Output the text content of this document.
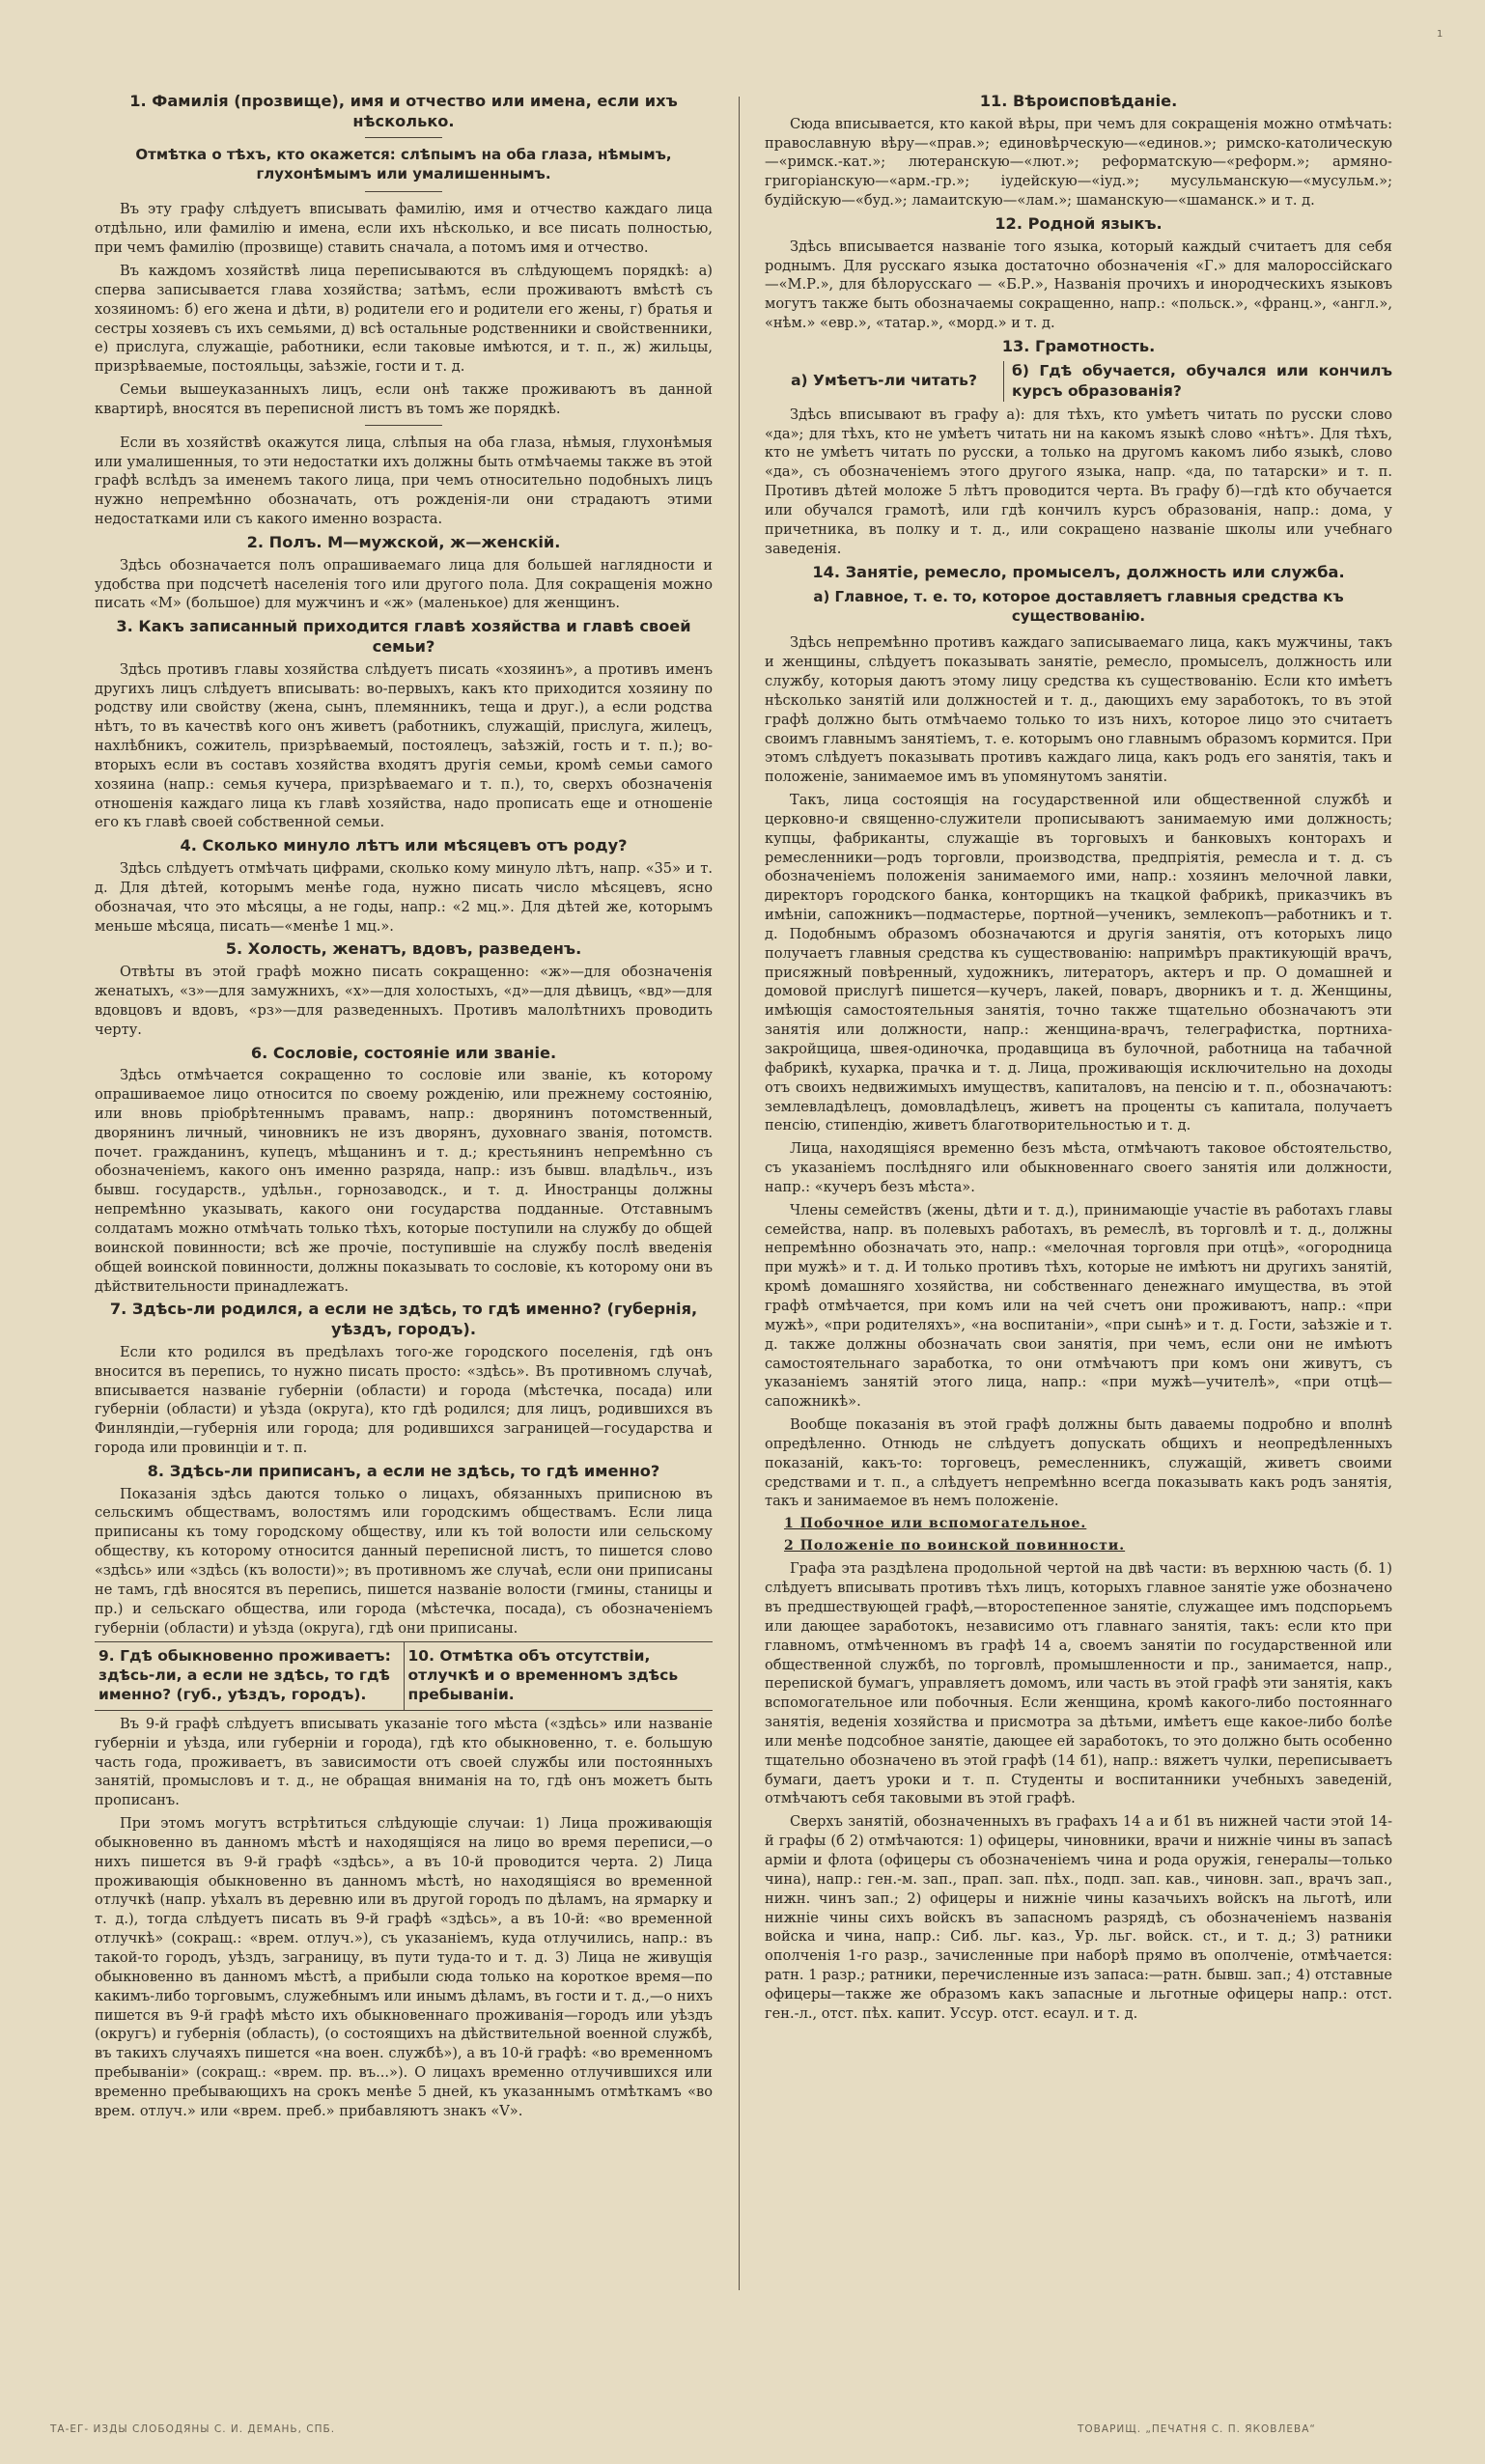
1
1. Фамилія (прозвище), имя и отчество или имена, если ихъ нѣсколько.
Отмѣтка о тѣхъ, кто окажется: слѣпымъ на оба глаза, нѣмымъ, глухонѣмымъ или умалишеннымъ.

Въ эту графу слѣдуетъ вписывать фамилію, имя и отчество каждаго лица отдѣльно, или фамилію и имена, если ихъ нѣсколько, и все писать полностью, при чемъ фамилію (прозвище) ставить сначала, а потомъ имя и отчество.

Въ каждомъ хозяйствѣ лица переписываются въ слѣдующемъ порядкѣ: а) сперва записывается глава хозяйства; затѣмъ, если проживаютъ вмѣстѣ съ хозяиномъ: б) его жена и дѣти, в) родители его и родители его жены, г) братья и сестры хозяевъ съ ихъ семьями, д) всѣ остальные родственники и свойственники, е) прислуга, служащіе, работники, если таковые имѣются, и т. п., ж) жильцы, призрѣваемые, постояльцы, заѣзжіе, гости и т. д.

Семьи вышеуказанныхъ лицъ, если онѣ также проживаютъ въ данной квартирѣ, вносятся въ переписной листъ въ томъ же порядкѣ.

Если въ хозяйствѣ окажутся лица, слѣпыя на оба глаза, нѣмыя, глухонѣмыя или умалишенныя, то эти недостатки ихъ должны быть отмѣчаемы также въ этой графѣ вслѣдъ за именемъ такого лица, при чемъ относительно подобныхъ лицъ нужно непремѣнно обозначать, отъ рожденія-ли они страдаютъ этими недостатками или съ какого именно возраста.

2. Полъ. М—мужской, ж—женскій.

Здѣсь обозначается полъ опрашиваемаго лица для большей наглядности и удобства при подсчетѣ населенія того или другого пола. Для сокращенія можно писать «М» (большое) для мужчинъ и «ж» (маленькое) для женщинъ.

3. Какъ записанный приходится главѣ хозяйства и главѣ своей семьи?

Здѣсь противъ главы хозяйства слѣдуетъ писать «хозяинъ», а противъ именъ другихъ лицъ слѣдуетъ вписывать: во-первыхъ, какъ кто приходится хозяину по родству или свойству (жена, сынъ, племянникъ, теща и друг.), а если родства нѣтъ, то въ качествѣ кого онъ живетъ (работникъ, служащій, прислуга, жилецъ, нахлѣбникъ, сожитель, призрѣваемый, постоялецъ, заѣзжій, гость и т. п.); во-вторыхъ если въ составъ хозяйства входятъ другія семьи, кромѣ семьи самого хозяина (напр.: семья кучера, призрѣваемаго и т. п.), то, сверхъ обозначенія отношенія каждаго лица къ главѣ хозяйства, надо прописать еще и отношеніе его къ главѣ своей собственной семьи.

4. Сколько минуло лѣтъ или мѣсяцевъ отъ роду?

Здѣсь слѣдуетъ отмѣчать цифрами, сколько кому минуло лѣтъ, напр. «35» и т. д. Для дѣтей, которымъ менѣе года, нужно писать число мѣсяцевъ, ясно обозначая, что это мѣсяцы, а не годы, напр.: «2 мц.». Для дѣтей же, которымъ меньше мѣсяца, писать—«менѣе 1 мц.».

5. Холость, женатъ, вдовъ, разведенъ.

Отвѣты въ этой графѣ можно писать сокращенно: «ж»—для обозначенія женатыхъ, «з»—для замужнихъ, «х»—для холостыхъ, «д»—для дѣвицъ, «вд»—для вдовцовъ и вдовъ, «рз»—для разведенныхъ. Противъ малолѣтнихъ проводить черту.

6. Сословіе, состояніе или званіе.

Здѣсь отмѣчается сокращенно то сословіе или званіе, къ которому опрашиваемое лицо относится по своему рожденію, или прежнему состоянію, или вновь пріобрѣтеннымъ правамъ, напр.: дворянинъ потомственный, дворянинъ личный, чиновникъ не изъ дворянъ, духовнаго званія, потомств. почет. гражданинъ, купецъ, мѣщанинъ и т. д.; крестьянинъ непремѣнно съ обозначеніемъ, какого онъ именно разряда, напр.: изъ бывш. владѣльч., изъ бывш. государств., удѣльн., горнозаводск., и т. д. Иностранцы должны непремѣнно указывать, какого они государства подданные. Отставнымъ солдатамъ можно отмѣчать только тѣхъ, которые поступили на службу до общей воинской повинности; всѣ же прочіе, поступившіе на службу послѣ введенія общей воинской повинности, должны показывать то сословіе, къ которому они въ дѣйствительности принадлежатъ.

7. Здѣсь-ли родился, а если не здѣсь, то гдѣ именно? (губернія, уѣздъ, городъ).

Если кто родился въ предѣлахъ того-же городского поселенія, гдѣ онъ вносится въ перепись, то нужно писать просто: «здѣсь». Въ противномъ случаѣ, вписывается названіе губерніи (области) и города (мѣстечка, посада) или губерніи (области) и уѣзда (округа), кто гдѣ родился; для лицъ, родившихся въ Финляндіи,—губернія или города; для родившихся заграницей—государства и города или провинціи и т. п.

8. Здѣсь-ли приписанъ, а если не здѣсь, то гдѣ именно?

Показанія здѣсь даются только о лицахъ, обязанныхъ приписною въ сельскимъ обществамъ, волостямъ или городскимъ обществамъ. Если лица приписаны къ тому городскому обществу, или къ той волости или сельскому обществу, къ которому относится данный переписной листъ, то пишется слово «здѣсь» или «здѣсь (къ волости)»; въ противномъ же случаѣ, если они приписаны не тамъ, гдѣ вносятся въ перепись, пишется названіе волости (гмины, станицы и пр.) и сельскаго общества, или города (мѣстечка, посада), съ обозначеніемъ губерніи (области) и уѣзда (округа), гдѣ они приписаны.

9. Гдѣ обыкновенно проживаетъ: здѣсь-ли, а если не здѣсь, то гдѣ именно? (губ., уѣздъ, городъ).
10. Отмѣтка объ отсутствіи, отлучкѣ и о временномъ здѣсь пребываніи.

Въ 9-й графѣ слѣдуетъ вписывать указаніе того мѣста («здѣсь» или названіе губерніи и уѣзда, или губерніи и города), гдѣ кто обыкновенно, т. е. большую часть года, проживаетъ, въ зависимости отъ своей службы или постоянныхъ занятій, промысловъ и т. д., не обращая вниманія на то, гдѣ онъ можетъ быть прописанъ.

При этомъ могутъ встрѣтиться слѣдующіе случаи: 1) Лица проживающія обыкновенно въ данномъ мѣстѣ и находящіяся на лицо во время переписи,—о нихъ пишется въ 9-й графѣ «здѣсь», а въ 10-й проводится черта. 2) Лица проживающія обыкновенно въ данномъ мѣстѣ, но находящіяся во временной отлучкѣ (напр. уѣхалъ въ деревню или въ другой городъ по дѣламъ, на ярмарку и т. д.), тогда слѣдуетъ писать въ 9-й графѣ «здѣсь», а въ 10-й: «во временной отлучкѣ» (сокращ.: «врем. отлуч.»), съ указаніемъ, куда отлучились, напр.: въ такой-то городъ, уѣздъ, заграницу, въ пути туда-то и т. д. 3) Лица не живущія обыкновенно въ данномъ мѣстѣ, а прибыли сюда только на короткое время—по какимъ-либо торговымъ, служебнымъ или инымъ дѣламъ, въ гости и т. д.,—о нихъ пишется въ 9-й графѣ мѣсто ихъ обыкновеннаго проживанія—городъ или уѣздъ (округъ) и губернія (область), (о состоящихъ на дѣйствительной военной службѣ, въ такихъ случаяхъ пишется «на воен. службѣ»), а въ 10-й графѣ: «во временномъ пребываніи» (сокращ.: «врем. пр. въ...»). О лицахъ временно отлучившихся или временно пребывающихъ на срокъ менѣе 5 дней, къ указаннымъ отмѣткамъ «во врем. отлуч.» или «врем. преб.» прибавляютъ знакъ «V».

11. Вѣроисповѣданіе.

Сюда вписывается, кто какой вѣры, при чемъ для сокращенія можно отмѣчать: православную вѣру—«прав.»; единовѣрческую—«единов.»; римско-католическую—«римск.-кат.»; лютеранскую—«лют.»; реформатскую—«реформ.»; армяно-григоріанскую—«арм.-гр.»; іудейскую—«іуд.»; мусульманскую—«мусульм.»; будійскую—«буд.»; ламаитскую—«лам.»; шаманскую—«шаманск.» и т. д.

12. Родной языкъ.

Здѣсь вписывается названіе того языка, который каждый считаетъ для себя роднымъ. Для русскаго языка достаточно обозначенія «Г.» для малороссійскаго—«М.Р.», для бѣлорусскаго — «Б.Р.», Названія прочихъ и инородческихъ языковъ могутъ также быть обозначаемы сокращенно, напр.: «польск.», «франц.», «англ.», «нѣм.» «евр.», «татар.», «морд.» и т. д.

13. Грамотность.
а) Умѣетъ-ли читать?
б) Гдѣ обучается, обучался или кончилъ курсъ образованія?

Здѣсь вписывают въ графу а): для тѣхъ, кто умѣетъ читать по русски слово «да»; для тѣхъ, кто не умѣетъ читать ни на какомъ языкѣ слово «нѣтъ». Для тѣхъ, кто не умѣетъ читать по русски, а только на другомъ какомъ либо языкѣ, слово «да», съ обозначеніемъ этого другого языка, напр. «да, по татарски» и т. п. Противъ дѣтей моложе 5 лѣтъ проводится черта. Въ графу б)—гдѣ кто обучается или обучался грамотѣ, или гдѣ кончилъ курсъ образованія, напр.: дома, у причетника, въ полку и т. д., или сокращено названіе школы или учебнаго заведенія.

14. Занятіе, ремесло, промыселъ, должность или служба.
а) Главное, т. е. то, которое доставляетъ главныя средства къ существованію.

Здѣсь непремѣнно противъ каждаго записываемаго лица, какъ мужчины, такъ и женщины, слѣдуетъ показывать занятіе, ремесло, промыселъ, должность или службу, которыя даютъ этому лицу средства къ существованію. Если кто имѣетъ нѣсколько занятій или должностей и т. д., дающихъ ему заработокъ, то въ этой графѣ должно быть отмѣчаемо только то изъ нихъ, которое лицо это считаетъ своимъ главнымъ занятіемъ, т. е. которымъ оно главнымъ образомъ кормится. При этомъ слѣдуетъ показывать противъ каждаго лица, какъ родъ его занятія, такъ и положеніе, занимаемое имъ въ упомянутомъ занятіи.

Такъ, лица состоящія на государственной или общественной службѣ и церковно-и священно-служители прописываютъ занимаемую ими должность; купцы, фабриканты, служащіе въ торговыхъ и банковыхъ конторахъ и ремесленники—родъ торговли, производства, предпріятія, ремесла и т. д. съ обозначеніемъ положенія занимаемого ими, напр.: хозяинъ мелочной лавки, директоръ городского банка, конторщикъ на ткацкой фабрикѣ, приказчикъ въ имѣніи, сапожникъ—подмастерье, портной—ученикъ, землекопъ—работникъ и т. д. Подобнымъ образомъ обозначаются и другія занятія, отъ которыхъ лицо получаетъ главныя средства къ существованію: напримѣръ практикующій врачъ, присяжный повѣренный, художникъ, литераторъ, актеръ и пр. О домашней и домовой прислугѣ пишется—кучеръ, лакей, поваръ, дворникъ и т. д. Женщины, имѣющія самостоятельныя занятія, точно также тщательно обозначаютъ эти занятія или должности, напр.: женщина-врачъ, телеграфистка, портниха-закройщица, швея-одиночка, продавщица въ булочной, работница на табачной фабрикѣ, кухарка, прачка и т. д. Лица, проживающія исключительно на доходы отъ своихъ недвижимыхъ имуществъ, капиталовъ, на пенсію и т. п., обозначаютъ: землевладѣлецъ, домовладѣлецъ, живетъ на проценты съ капитала, получаетъ пенсію, стипендію, живетъ благотворительностью и т. д.

Лица, находящіяся временно безъ мѣста, отмѣчаютъ таковое обстоятельство, съ указаніемъ послѣдняго или обыкновеннаго своего занятія или должности, напр.: «кучеръ безъ мѣста».

Члены семействъ (жены, дѣти и т. д.), принимающіе участіе въ работахъ главы семейства, напр. въ полевыхъ работахъ, въ ремеслѣ, въ торговлѣ и т. д., должны непремѣнно обозначать это, напр.: «мелочная торговля при отцѣ», «огородница при мужѣ» и т. д. И только противъ тѣхъ, которые не имѣютъ ни другихъ занятій, кромѣ домашняго хозяйства, ни собственнаго денежнаго имущества, въ этой графѣ отмѣчается, при комъ или на чей счетъ они проживаютъ, напр.: «при мужѣ», «при родителяхъ», «на воспитаніи», «при сынѣ» и т. д. Гости, заѣзжіе и т. д. также должны обозначать свои занятія, при чемъ, если они не имѣютъ самостоятельнаго заработка, то они отмѣчаютъ при комъ они живутъ, съ указаніемъ занятій этого лица, напр.: «при мужѣ—учителѣ», «при отцѣ—сапожникѣ».

Вообще показанія въ этой графѣ должны быть даваемы подробно и вполнѣ опредѣленно. Отнюдь не слѣдуетъ допускать общихъ и неопредѣленныхъ показаній, какъ-то: торговецъ, ремесленникъ, служащій, живетъ своими средствами и т. п., а слѣдуетъ непремѣнно всегда показывать какъ родъ занятія, такъ и занимаемое въ немъ положеніе.

1 Побочное или вспомогательное.

2 Положеніе по воинской повинности.

Графа эта раздѣлена продольной чертой на двѣ части: въ верхнюю часть (б. 1) слѣдуетъ вписывать противъ тѣхъ лицъ, которыхъ главное занятіе уже обозначено въ предшествующей графѣ,—второстепенное занятіе, служащее имъ подспорьемъ или дающее заработокъ, независимо отъ главнаго занятія, такъ: если кто при главномъ, отмѣченномъ въ графѣ 14 а, своемъ занятіи по государственной или общественной службѣ, по торговлѣ, промышленности и пр., занимается, напр., перепиской бумагъ, управляетъ домомъ, или часть въ этой графѣ эти занятія, какъ вспомогательное или побочныя. Если женщина, кромѣ какого-либо постояннаго занятія, веденія хозяйства и присмотра за дѣтьми, имѣетъ еще какое-либо болѣе или менѣе подсобное занятіе, дающее ей заработокъ, то это должно быть особенно тщательно обозначено въ этой графѣ (14 б1), напр.: вяжетъ чулки, переписываетъ бумаги, даетъ уроки и т. п. Студенты и воспитанники учебныхъ заведеній, отмѣчаютъ себя таковыми въ этой графѣ.

Сверхъ занятій, обозначенныхъ въ графахъ 14 а и б1 въ нижней части этой 14-й графы (б 2) отмѣчаются: 1) офицеры, чиновники, врачи и нижніе чины въ запасѣ арміи и флота (офицеры съ обозначеніемъ чина и рода оружія, генералы—только чина), напр.: ген.-м. зап., прап. зап. пѣх., подп. зап. кав., чиновн. зап., врачъ зап., нижн. чинъ зап.; 2) офицеры и нижніе чины казачьихъ войскъ на льготѣ, или нижніе чины сихъ войскъ въ запасномъ разрядѣ, съ обозначеніемъ названія войска и чина, напр.: Сиб. льг. каз., Ур. льг. войск. ст., и т. д.; 3) ратники ополченія 1-го разр., зачисленные при наборѣ прямо въ ополченіе, отмѣчается: ратн. 1 разр.; ратники, перечисленные изъ запаса:—ратн. бывш. зап.; 4) отставные офицеры—также же образомъ какъ запасные и льготные офицеры напр.: отст. ген.-л., отст. пѣх. капит. Уссур. отст. есаул. и т. д.

ТА-ЕГ- ИЗДЫ СЛОБОДЯНЫ С. И. ДЕМАНЬ, СПБ.	ТОВАРИЩ. „ПЕЧАТНЯ С. П. ЯКОВЛЕВА“
